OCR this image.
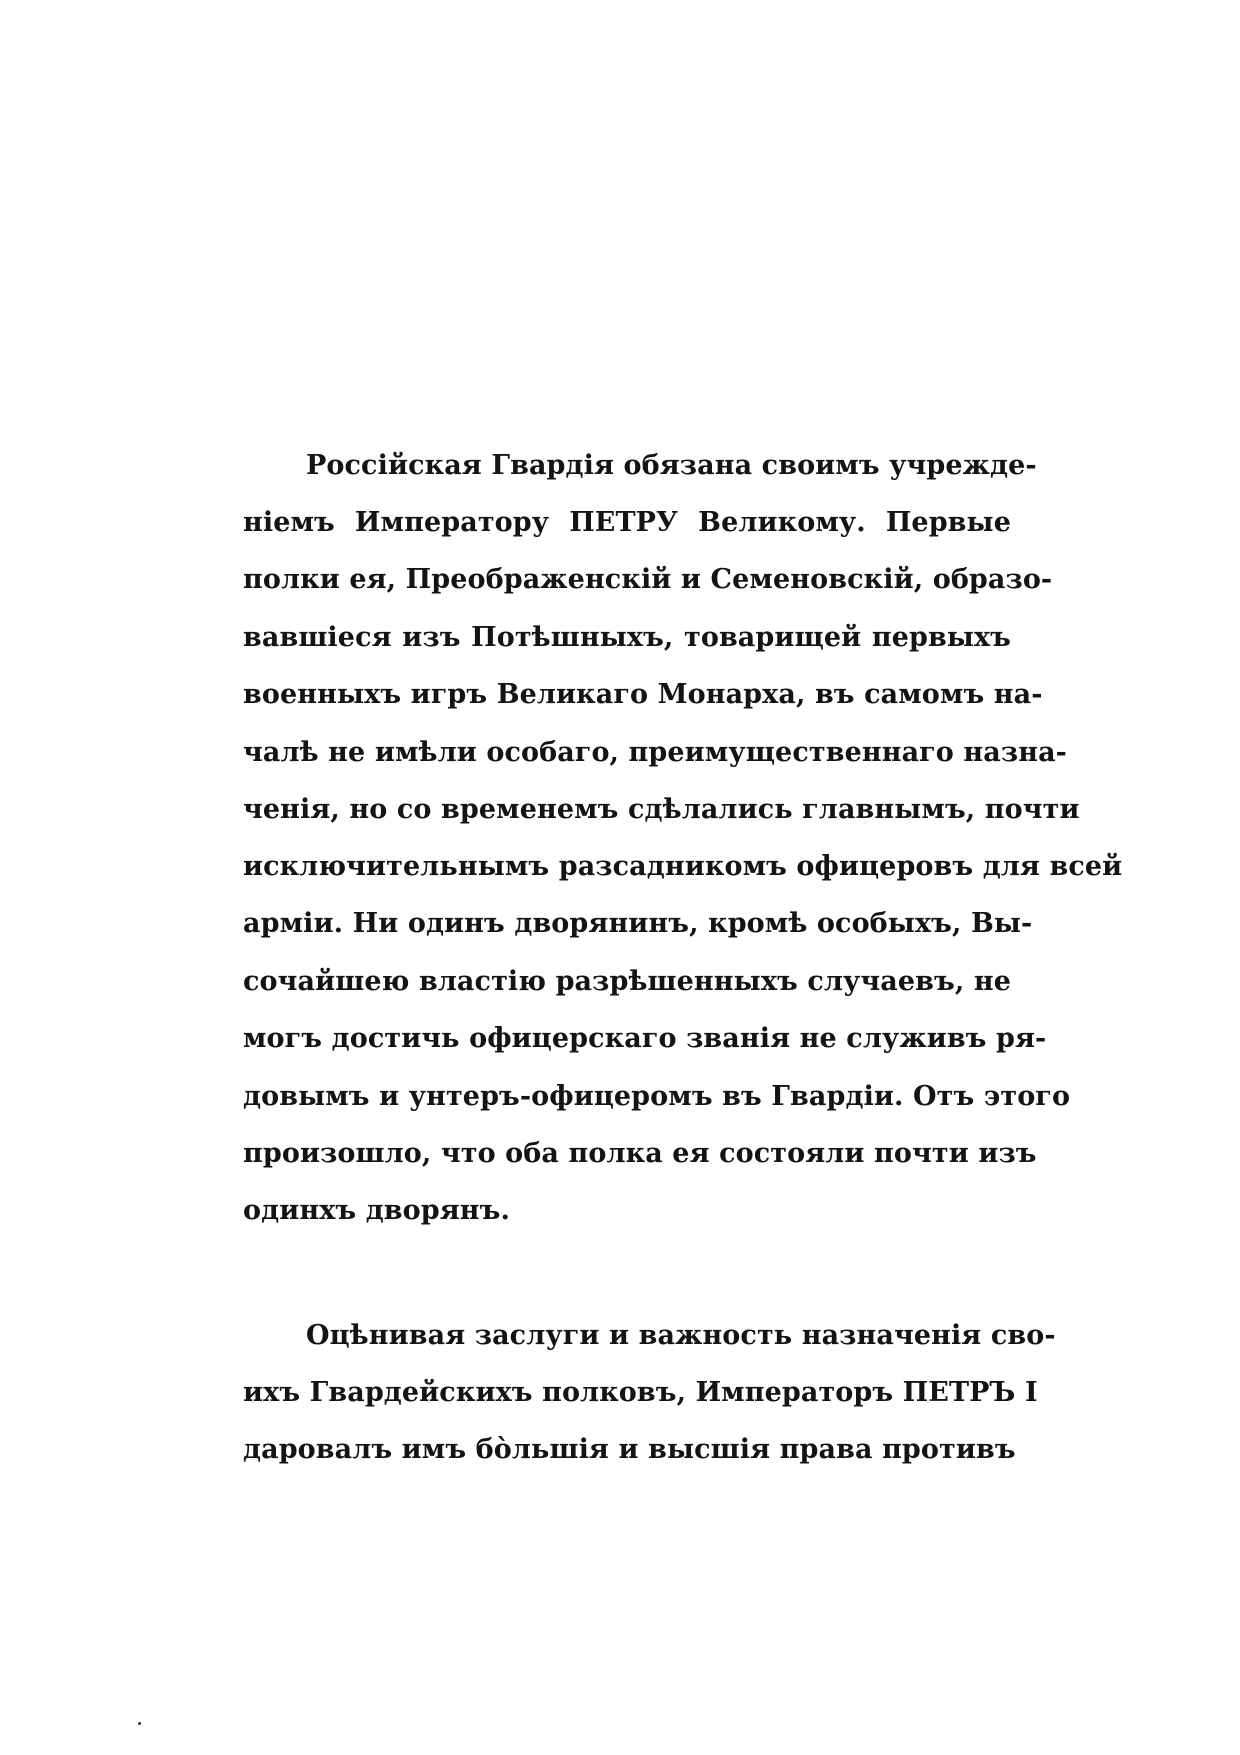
Россійская Гвардія обязана своимъ учрежде-
ніемъ Императору ПЕТРУ Великому. Первые
полки ея, Преображенскій и Семеновскій, образо-
вавшіеся изъ Потѣшныхъ, товарищей первыхъ
военныхъ игръ Великаго Монарха, въ самомъ на-
чалѣ не имѣли особаго, преимущественнаго назна-
ченія, но со временемъ сдѣлались главнымъ, почти
исключительнымъ разсадникомъ офицеровъ для всей
арміи. Ни одинъ дворянинъ, кромѣ особыхъ, Вы-
сочайшею властію разрѣшенныхъ случаевъ, не
могъ достичь офицерскаго званія не служивъ ря-
довымъ и унтеръ-офицеромъ въ Гвардіи. Отъ этого
произошло, что оба полка ея состояли почти изъ
одинхъ дворянъ.
Оцѣнивая заслуги и важность назначенія сво-
ихъ Гвардейскихъ полковъ, Императоръ ПЕТРЪ I
даровалъ имъ бо̀льшія и высшія права противъ
